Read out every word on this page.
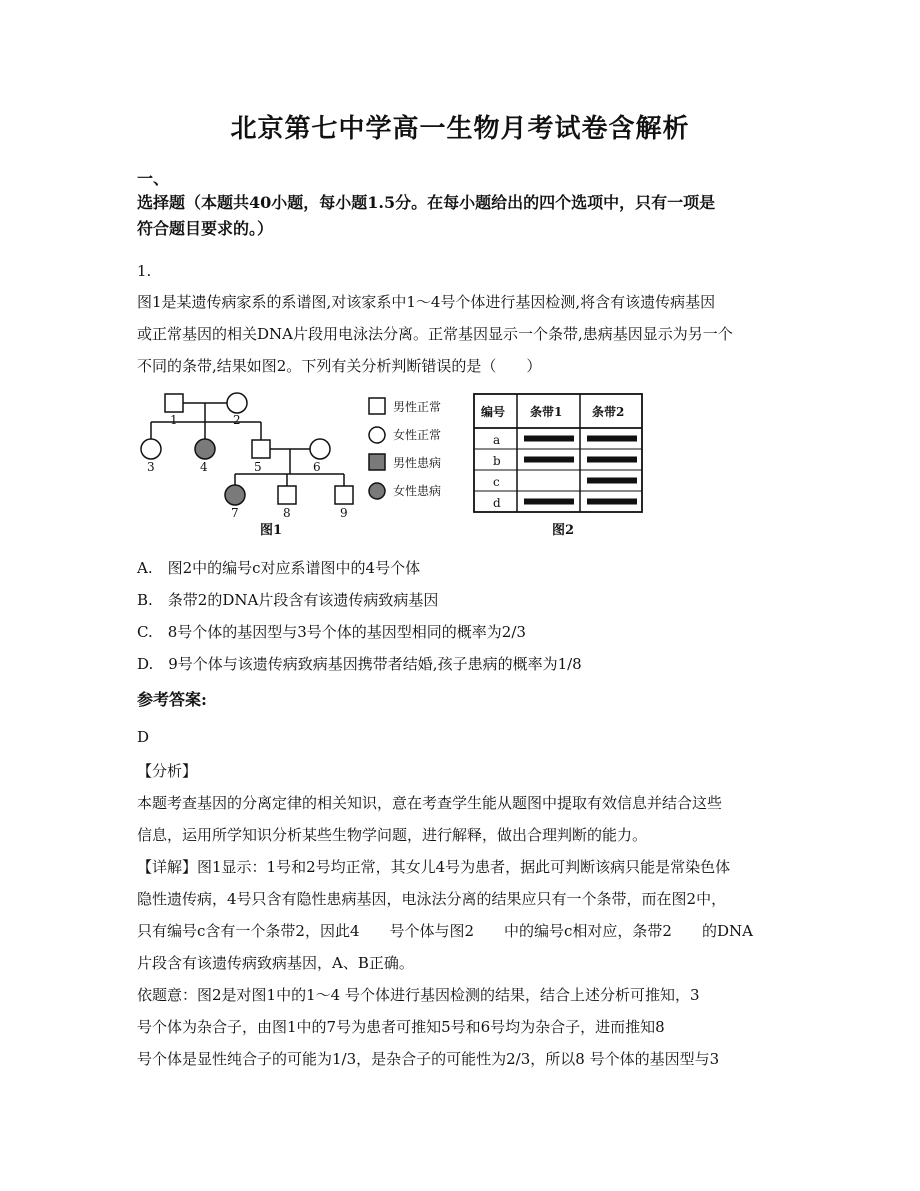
北京第七中学高一生物月考试卷含解析
一、
选择题（本题共40小题，每小题1.5分。在每小题给出的四个选项中，只有一项是
符合题目要求的。）
1.
图1是某遗传病家系的系谱图,对该家系中1～4号个体进行基因检测,将含有该遗传病基因
或正常基因的相关DNA片段用电泳法分离。正常基因显示一个条带,患病基因显示为另一个
不同的条带,结果如图2。下列有关分析判断错误的是（　　）
1	2
3	4	5	6
7	8	9
图1
男性正常
女性正常
男性患病
女性患病
编号 条带1 条带2
a
b
c
d
图2
A.　图2中的编号c对应系谱图中的4号个体
B.　条带2的DNA片段含有该遗传病致病基因
C.　8号个体的基因型与3号个体的基因型相同的概率为2/3
D.　9号个体与该遗传病致病基因携带者结婚,孩子患病的概率为1/8
参考答案:
D
【分析】
本题考查基因的分离定律的相关知识，意在考查学生能从题图中提取有效信息并结合这些
信息，运用所学知识分析某些生物学问题，进行解释，做出合理判断的能力。
【详解】图1显示：1号和2号均正常，其女儿4号为患者，据此可判断该病只能是常染色体
隐性遗传病，4号只含有隐性患病基因，电泳法分离的结果应只有一个条带，而在图2中，
只有编号c含有一个条带2，因此4　　号个体与图2　　中的编号c相对应，条带2　　的DNA
片段含有该遗传病致病基因，A、B正确。
依题意：图2是对图1中的1～4 号个体进行基因检测的结果，结合上述分析可推知，3
号个体为杂合子，由图1中的7号为患者可推知5号和6号均为杂合子，进而推知8
号个体是显性纯合子的可能为1/3，是杂合子的可能性为2/3，所以8 号个体的基因型与3
